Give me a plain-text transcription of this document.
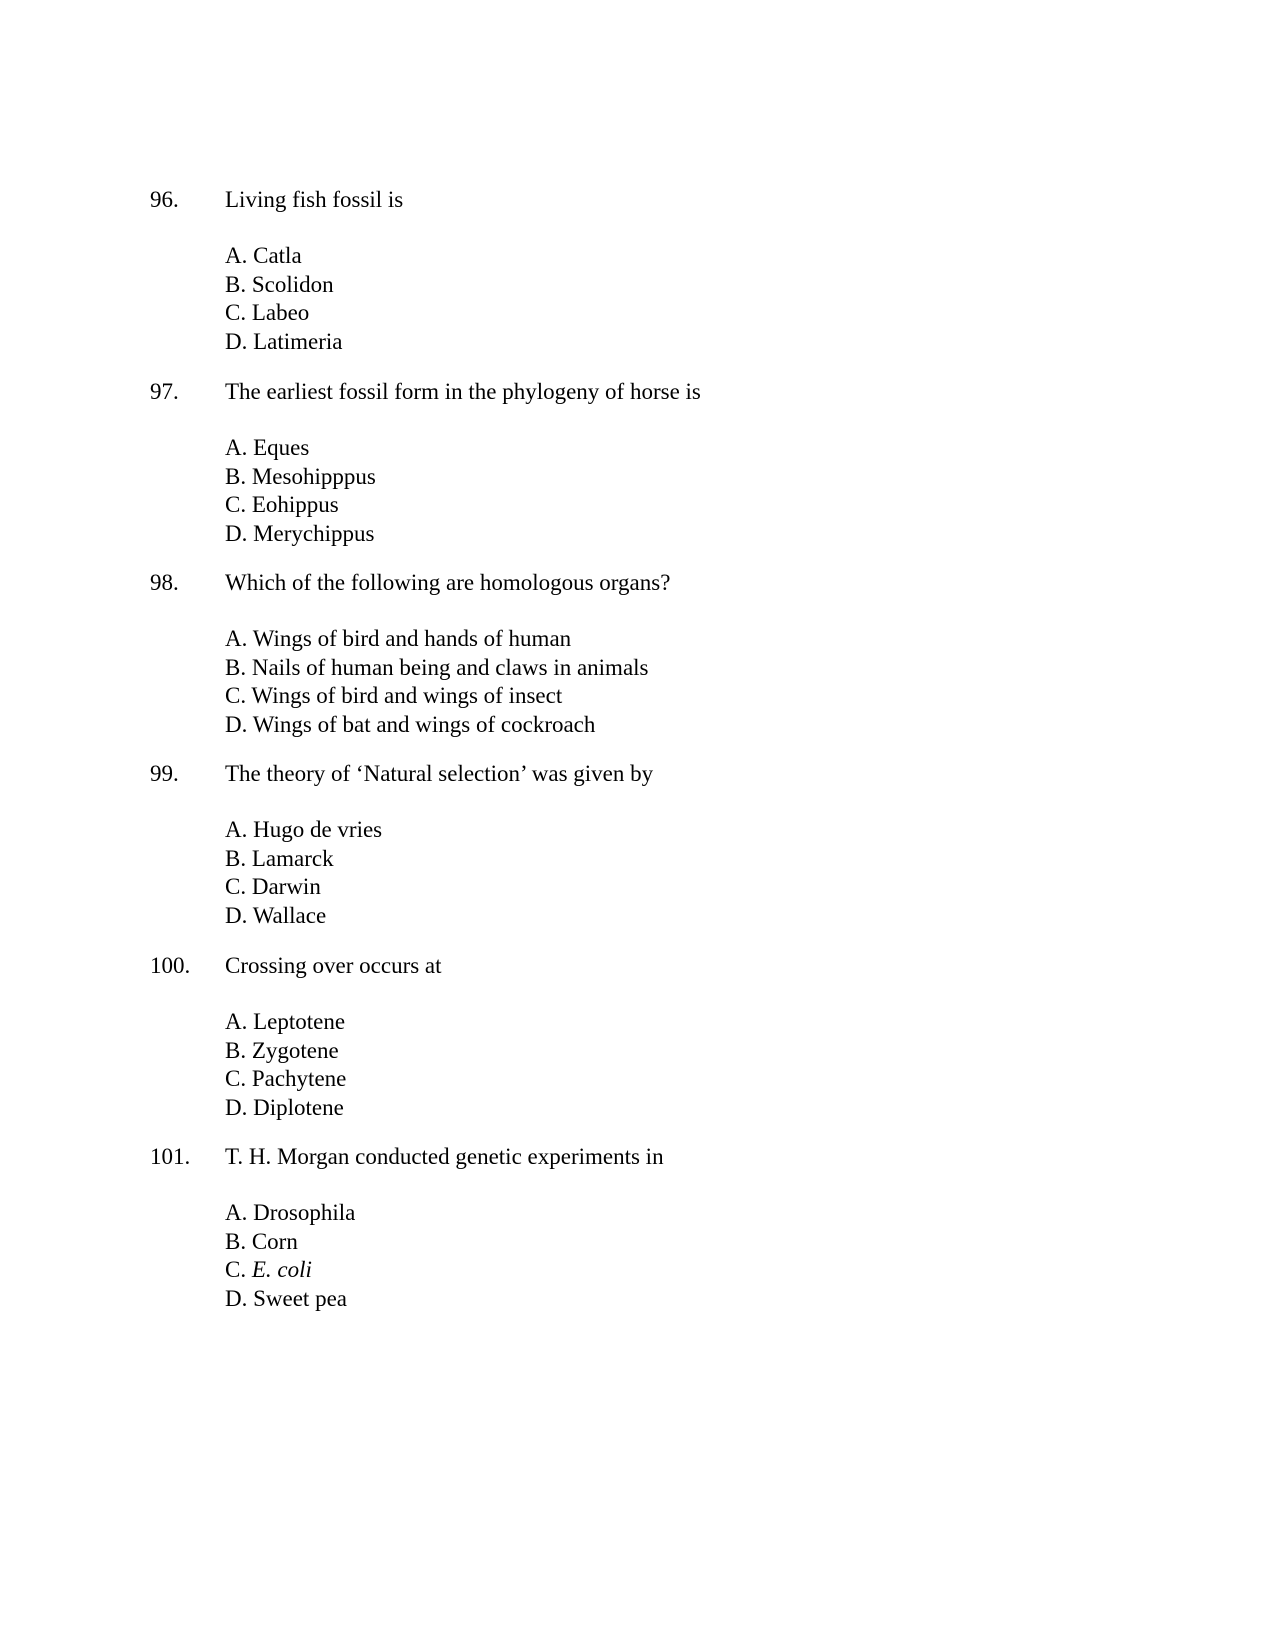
96. Living fish fossil is
A. Catla
B. Scolidon
C. Labeo
D. Latimeria
97. The earliest fossil form in the phylogeny of horse is
A. Eques
B. Mesohipppus
C. Eohippus
D. Merychippus
98. Which of the following are homologous organs?
A. Wings of bird and hands of human
B. Nails of human being and claws in animals
C. Wings of bird and wings of insect
D. Wings of bat and wings of cockroach
99. The theory of ‘Natural selection’ was given by
A. Hugo de vries
B. Lamarck
C. Darwin
D. Wallace
100. Crossing over occurs at
A. Leptotene
B. Zygotene
C. Pachytene
D. Diplotene
101. T. H. Morgan conducted genetic experiments in
A. Drosophila
B. Corn
C. E. coli
D. Sweet pea
